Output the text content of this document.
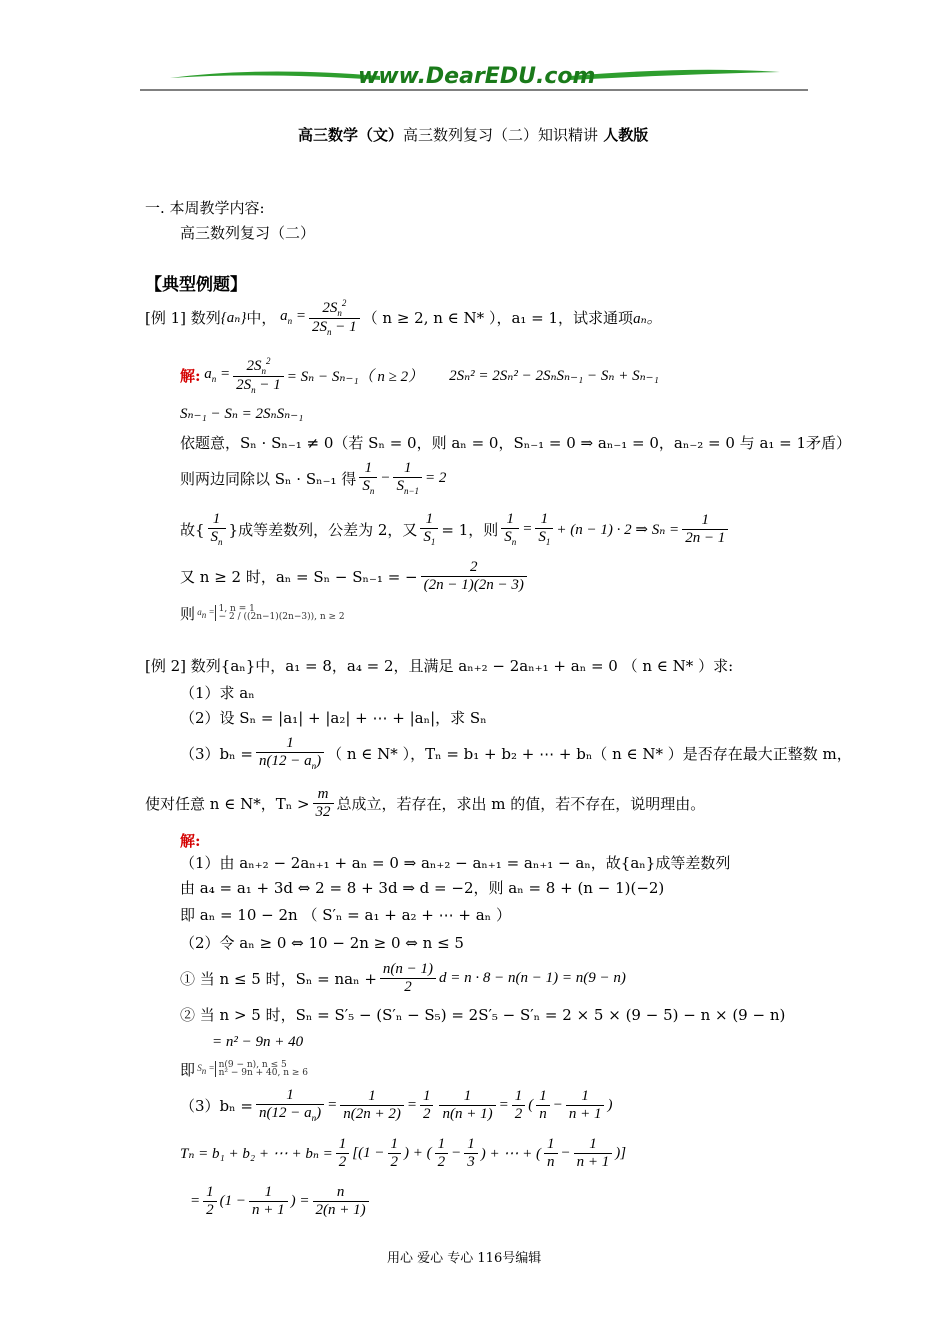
www.DearEDU.com
高三数学（文）高三数列复习（二）知识精讲 人教版
一. 本周教学内容:
高三数列复习（二）
【典型例题】
[例 1] 数列 {aₙ} 中， $a_n = \frac{2S_n^2}{2S_n - 1}$ （ n ≥ 2, n ∈ N* ）， a₁ = 1，试求通项 aₙ。
解: $a_n = \frac{2S_n^2}{2S_n - 1} = S_n - S_{n-1}$（ n ≥ 2） 2Sₙ² = 2Sₙ² − 2SₙSₙ₋₁ − Sₙ + Sₙ₋₁
Sₙ₋₁ − Sₙ = 2SₙSₙ₋₁
依题意，Sₙ · Sₙ₋₁ ≠ 0（若 Sₙ = 0，则 aₙ = 0，Sₙ₋₁ = 0 ⇒ aₙ₋₁ = 0，aₙ₋₂ = 0 与 a₁ = 1矛盾）
则两边同除以 Sₙ · Sₙ₋₁ 得 $\frac{1}{S_n} - \frac{1}{S_{n-1}} = 2$
故{ $\frac{1}{S_n}$ }成等差数列，公差为 2，又 $\frac{1}{S_1} = 1$，则 $\frac{1}{S_n} = \frac{1}{S_1} + (n - 1) \cdot 2$ ⇒ $S_n = \frac{1}{2n - 1}$
又 n ≥ 2 时，aₙ = Sₙ − Sₙ₋₁ = − $\frac{2}{(2n - 1)(2n - 3)}$
则 $a_n = 1$, n = 1
− 2 / ((2n−1)(2n−3)), n ≥ 2
[例 2] 数列{aₙ}中，a₁ = 8，a₄ = 2，且满足 aₙ₊₂ − 2aₙ₊₁ + aₙ = 0 （ n ∈ N* ）求:
（1）求 aₙ
（2）设 Sₙ = |a₁| + |a₂| + ⋯ + |aₙ|，求 Sₙ
$(3)b_n = \frac{1}{n(12 - a_n)}$ （ n ∈ N* ），Tₙ = b₁ + b₂ + ⋯ + bₙ（ n ∈ N* ）是否存在最大正整数 m，
使对任意 n ∈ N*，$T_n > \frac{m}{32}$ 总成立，若存在，求出 m 的值，若不存在，说明理由。
解:
（1）由 aₙ₊₂ − 2aₙ₊₁ + aₙ = 0 ⇒ aₙ₊₂ − aₙ₊₁ = aₙ₊₁ − aₙ，故{aₙ}成等差数列
由 a₄ = a₁ + 3d ⇔ 2 = 8 + 3d ⇒ d = −2，则 aₙ = 8 + (n − 1)(−2)
即 aₙ = 10 − 2n （ S′ₙ = a₁ + a₂ + ⋯ + aₙ ）
（2）令 aₙ ≥ 0 ⇔ 10 − 2n ≥ 0 ⇔ n ≤ 5
① 当 n ≤ 5 时，$S_n = na_n + \frac{n(n - 1)}{2}$ d = n · 8 − n(n − 1) = n(9 − n)
② 当 n > 5 时，Sₙ = S′₅ − (S′ₙ − S₅) = 2S′₅ − S′ₙ = 2 × 5 × (9 − 5) − n × (9 − n)
= n² − 9n + 40
即 $S_n = n(9 - n)$, n ≤ 5
n² − 9n + 40, n ≥ 6
$(3)b_n = \frac{1}{n(12 - a_n)} = \frac{1}{n(2n + 2)} = \frac{1}{2} \frac{1}{n(n + 1)} = \frac{1}{2}$ ( $\frac{1}{n} - \frac{1}{n + 1}$ )
Tₙ = b₁ + b₂ + ⋯ + $b_n = \frac{1}{2} [(1 - \frac{1}{2}$ ) + ( $\frac{1}{2} - \frac{1}{3}$ ) + ⋯ + ( $\frac{1}{n} - \frac{1}{n + 1}$ )]
= $\frac{1}{2} (1 - \frac{1}{n + 1}$ ) = $\frac{n}{2(n + 1)}$
用心 爱心 专心 116号编辑
